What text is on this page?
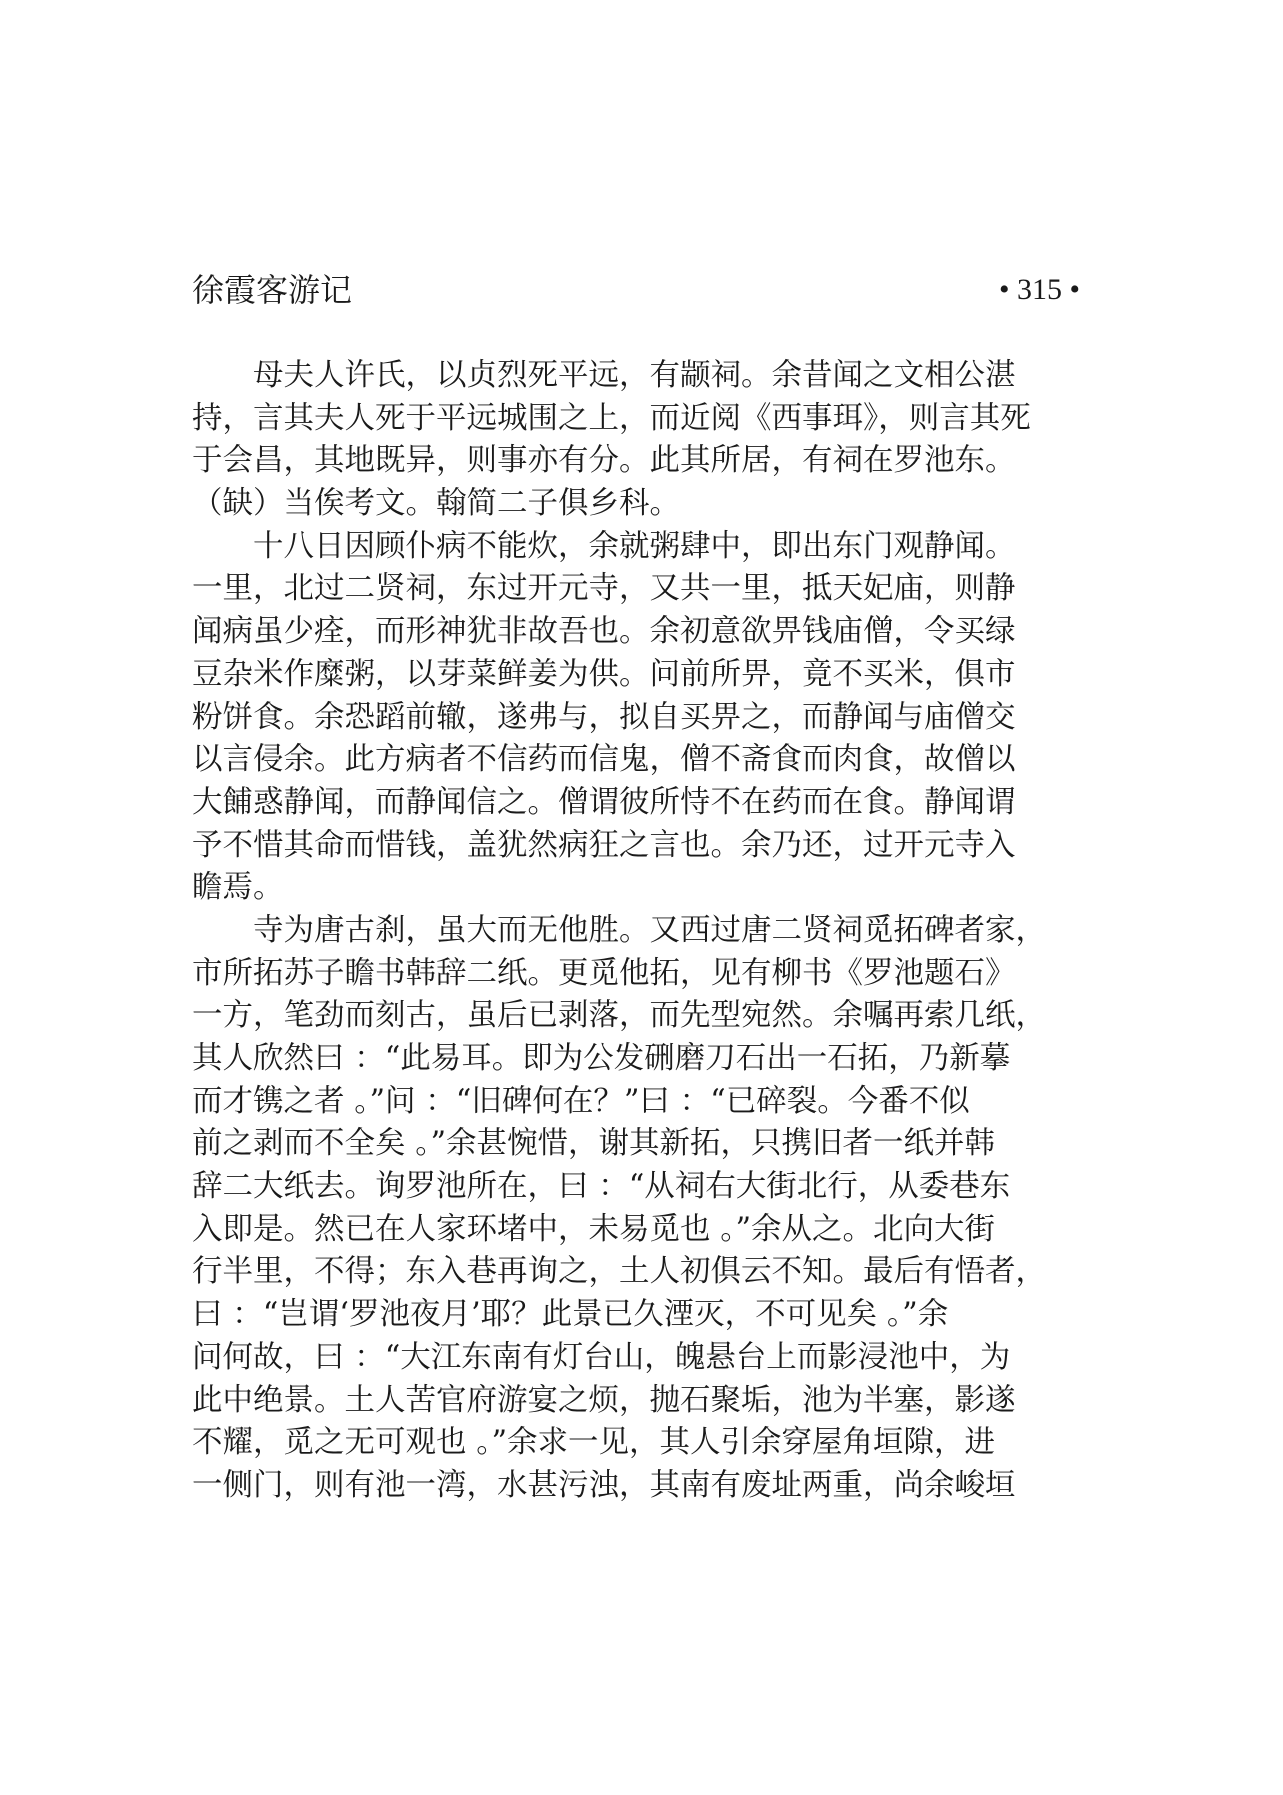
徐霞客游记	• 315 •
　　母夫人许氏，以贞烈死平远，有颛祠。余昔闻之文相公湛
持，言其夫人死于平远城围之上，而近阅《西事珥》，则言其死
于会昌，其地既异，则事亦有分。此其所居，有祠在罗池东。
（缺）当俟考文。翰简二子俱乡科。
　　十八日因顾仆病不能炊，余就粥肆中，即出东门观静闻。
一里，北过二贤祠，东过开元寺，又共一里，抵天妃庙，则静
闻病虽少痊，而形神犹非故吾也。余初意欲畀钱庙僧，令买绿
豆杂米作糜粥，以芽菜鲜姜为供。问前所畀，竟不买米，俱市
粉饼食。余恐蹈前辙，遂弗与，拟自买畀之，而静闻与庙僧交
以言侵余。此方病者不信药而信鬼，僧不斋食而肉食，故僧以
大餔惑静闻，而静闻信之。僧谓彼所恃不在药而在食。静闻谓
予不惜其命而惜钱，盖犹然病狂之言也。余乃还，过开元寺入
瞻焉。
　　寺为唐古刹，虽大而无他胜。又西过唐二贤祠觅拓碑者家，
市所拓苏子瞻书韩辞二纸。更觅他拓，见有柳书《罗池题石》
一方，笔劲而刻古，虽后已剥落，而先型宛然。余嘱再索几纸，
其人欣然曰 ：“此易耳。即为公发硎磨刀石出一石拓，乃新摹
而才镌之者 。”问 ：“旧碑何在？”曰 ：“已碎裂。今番不似
前之剥而不全矣 。”余甚惋惜，谢其新拓，只携旧者一纸并韩
辞二大纸去。询罗池所在，曰 ：“从祠右大街北行，从委巷东
入即是。然已在人家环堵中，未易觅也 。”余从之。北向大街
行半里，不得；东入巷再询之，土人初俱云不知。最后有悟者，
曰 ：“岂谓‘罗池夜月’耶？此景已久湮灭，不可见矣 。”余
问何故，曰 ：“大江东南有灯台山，魄悬台上而影浸池中，为
此中绝景。土人苦官府游宴之烦，抛石聚垢，池为半塞，影遂
不耀，觅之无可观也 。”余求一见，其人引余穿屋角垣隙，进
一侧门，则有池一湾，水甚污浊，其南有废址两重，尚余峻垣
